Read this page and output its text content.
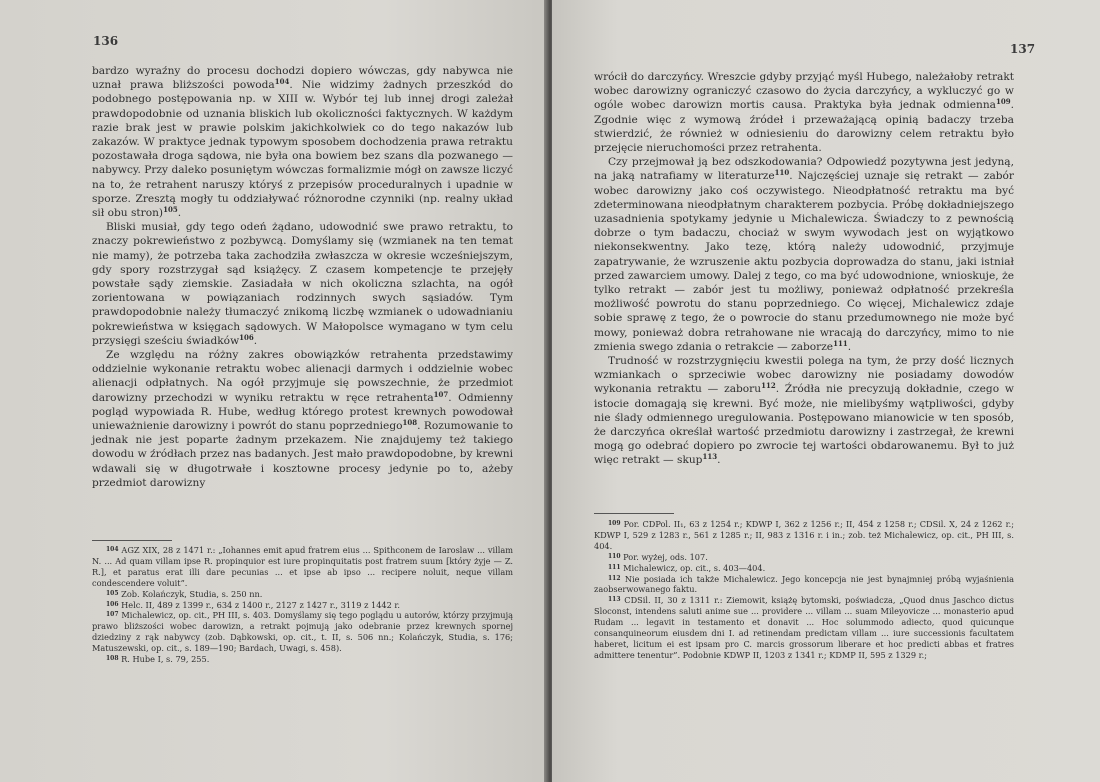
136

bardzo wyraźny do procesu dochodzi dopiero wówczas, gdy nabywca nie uznał prawa bliższości powoda$^{104}$. Nie widzimy żadnych przeszkód do podobnego postępowania np. w XIII w. Wybór tej lub innej drogi zależał prawdopodobnie od uznania bliskich lub okoliczności faktycznych. W każdym razie brak jest w prawie polskim jakichkolwiek co do tego nakazów lub zakazów. W praktyce jednak typowym sposobem dochodzenia prawa retraktu pozostawała droga sądowa, nie była ona bowiem bez szans dla pozwanego — nabywcy. Przy daleko posuniętym wówczas formalizmie mógł on zawsze liczyć na to, że retrahent naruszy któryś z przepisów proceduralnych i upadnie w sporze. Zresztą mogły tu oddziaływać różnorodne czynniki (np. realny układ sił obu stron)$^{105}$.

Bliski musiał, gdy tego odeń żądano, udowodnić swe prawo retraktu, to znaczy pokrewieństwo z pozbywcą. Domyślamy się (wzmianek na ten temat nie mamy), że potrzeba taka zachodziła zwłaszcza w okresie wcześniejszym, gdy spory rozstrzygał sąd książęcy. Z czasem kompetencje te przejęły powstałe sądy ziemskie. Zasiadała w nich okoliczna szlachta, na ogół zorientowana w powiązaniach rodzinnych swych sąsiadów. Tym prawdopodobnie należy tłumaczyć znikomą liczbę wzmianek o udowadnianiu pokrewieństwa w księgach sądowych. W Małopolsce wymagano w tym celu przysięgi sześciu świadków$^{106}$.

Ze względu na różny zakres obowiązków retrahenta przedstawimy oddzielnie wykonanie retraktu wobec alienacji darmych i oddzielnie wobec alienacji odpłatnych. Na ogół przyjmuje się powszechnie, że przedmiot darowizny przechodzi w wyniku retraktu w ręce retrahenta$^{107}$. Odmienny pogląd wypowiada R. Hube, według którego protest krewnych powodował unieważnienie darowizny i powrót do stanu poprzedniego$^{108}$. Rozumowanie to jednak nie jest poparte żadnym przekazem. Nie znajdujemy też takiego dowodu w źródłach przez nas badanych. Jest mało prawdopodobne, by krewni wdawali się w długotrwałe i kosztowne procesy jedynie po to, ażeby przedmiot darowizny

$^{104}$ AGZ XIX, 28 z 1471 r.: „Iohannes emit apud fratrem eius ... Spithconem de Iaroslaw ... villam N. ... Ad quam villam ipse R. propinquior est iure propinquitatis post fratrem suum [który żyje — Z. R.], et paratus erat illi dare pecunias ... et ipse ab ipso ... recipere noluit, neque villam condescendere voluit”.
$^{105}$ Zob. Kolańczyk, Studia, s. 250 nn.
$^{106}$ Helc. II, 489 z 1399 r., 634 z 1400 r., 2127 z 1427 r., 3119 z 1442 r.
$^{107}$ Michalewicz, op. cit., PH III, s. 403. Domyślamy się tego poglądu u autorów, którzy przyjmują prawo bliższości wobec darowizn, a retrakt pojmują jako odebranie przez krewnych spornej dziedziny z rąk nabywcy (zob. Dąbkowski, op. cit., t. II, s. 506 nn.; Kolańczyk, Studia, s. 176; Matuszewski, op. cit., s. 189—190; Bardach, Uwagi, s. 458).
$^{108}$ R. Hube I, s. 79, 255.
137

wrócił do darczyńcy. Wreszcie gdyby przyjąć myśl Hubego, należałoby retrakt wobec darowizny ograniczyć czasowo do życia darczyńcy, a wykluczyć go w ogóle wobec darowizn mortis causa. Praktyka była jednak odmienna$^{109}$. Zgodnie więc z wymową źródeł i przeważającą opinią badaczy trzeba stwierdzić, że również w odniesieniu do darowizny celem retraktu było przejęcie nieruchomości przez retrahenta.

Czy przejmował ją bez odszkodowania? Odpowiedź pozytywna jest jedyną, na jaką natrafiamy w literaturze$^{110}$. Najczęściej uznaje się retrakt — zabór wobec darowizny jako coś oczywistego. Nieodpłatność retraktu ma być zdeterminowana nieodpłatnym charakterem pozbycia. Próbę dokładniejszego uzasadnienia spotykamy jedynie u Michalewicza. Świadczy to z pewnością dobrze o tym badaczu, chociaż w swym wywodach jest on wyjątkowo niekonsekwentny. Jako tezę, którą należy udowodnić, przyjmuje zapatrywanie, że wzruszenie aktu pozbycia doprowadza do stanu, jaki istniał przed zawarciem umowy. Dalej z tego, co ma być udowodnione, wnioskuje, że tylko retrakt — zabór jest tu możliwy, ponieważ odpłatność przekreśla możliwość powrotu do stanu poprzedniego. Co więcej, Michalewicz zdaje sobie sprawę z tego, że o powrocie do stanu przedumownego nie może być mowy, ponieważ dobra retrahowane nie wracają do darczyńcy, mimo to nie zmienia swego zdania o retrakcie — zaborze$^{111}$.

Trudność w rozstrzygnięciu kwestii polega na tym, że przy dość licznych wzmiankach o sprzeciwie wobec darowizny nie posiadamy dowodów wykonania retraktu — zaboru$^{112}$. Źródła nie precyzują dokładnie, czego w istocie domagają się krewni. Być może, nie mielibyśmy wątpliwości, gdyby nie ślady odmiennego uregulowania. Postępowano mianowicie w ten sposób, że darczyńca określał wartość przedmiotu darowizny i zastrzegał, że krewni mogą go odebrać dopiero po zwrocie tej wartości obdarowanemu. Był to już więc retrakt — skup$^{113}$.

$^{109}$ Por. CDPol. II₁, 63 z 1254 r.; KDWP I, 362 z 1256 r.; II, 454 z 1258 r.; CDSil. X, 24 z 1262 r.; KDWP I, 529 z 1283 r., 561 z 1285 r.; II, 983 z 1316 r. i in.; zob. też Michalewicz, op. cit., PH III, s. 404.
$^{110}$ Por. wyżej, ods. 107.
$^{111}$ Michalewicz, op. cit., s. 403—404.
$^{112}$ Nie posiada ich także Michalewicz. Jego koncepcja nie jest bynajmniej próbą wyjaśnienia zaobserwowanego faktu.
$^{113}$ CDSil. II, 30 z 1311 r.: Ziemowit, książę bytomski, poświadcza, „Quod dnus Jaschco dictus Sloconst, intendens saluti anime sue ... providere ... villam ... suam Mileyovicze ... monasterio apud Rudam ... legavit in testamento et donavit ... Hoc solummodo adiecto, quod quicunque consanquineorum eiusdem dni I. ad retinendam predictam villam ... iure successionis facultatem haberet, licitum ei est ipsam pro C. marcis grossorum liberare et hoc predicti abbas et fratres admittere tenentur”. Podobnie KDWP II, 1203 z 1341 r.; KDMP II, 595 z 1329 r.;
